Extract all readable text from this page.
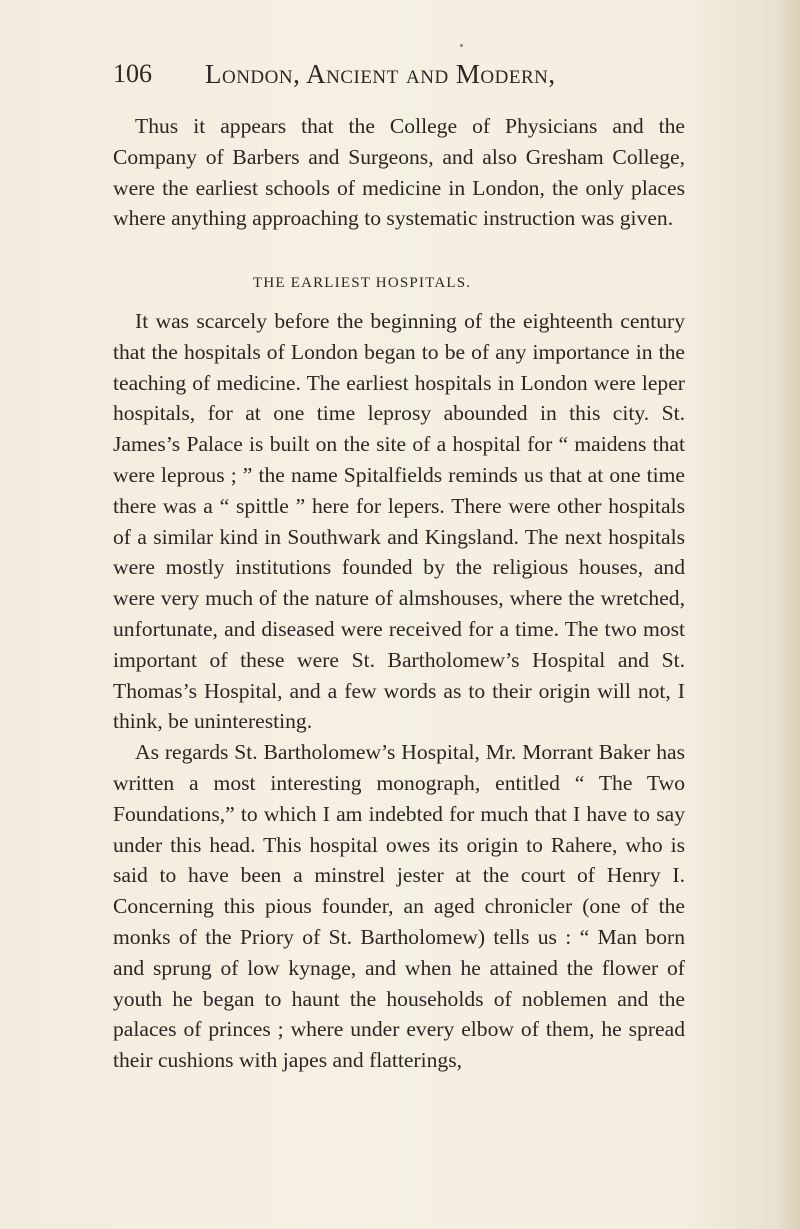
106 London, Ancient and Modern,

Thus it appears that the College of Physicians and the Company of Barbers and Surgeons, and also Gresham College, were the earliest schools of medicine in London, the only places where anything approaching to systematic instruction was given.

THE EARLIEST HOSPITALS.

It was scarcely before the beginning of the eighteenth century that the hospitals of London began to be of any importance in the teaching of medicine. The earliest hospitals in London were leper hospitals, for at one time leprosy abounded in this city. St. James’s Palace is built on the site of a hospital for “ maidens that were leprous ; ” the name Spitalfields reminds us that at one time there was a “ spittle ” here for lepers. There were other hospitals of a similar kind in Southwark and Kingsland. The next hospitals were mostly institutions founded by the religious houses, and were very much of the nature of almshouses, where the wretched, unfortunate, and diseased were received for a time. The two most important of these were St. Bartholomew’s Hospital and St. Thomas’s Hospital, and a few words as to their origin will not, I think, be uninteresting.

As regards St. Bartholomew’s Hospital, Mr. Morrant Baker has written a most interesting monograph, entitled “ The Two Foundations,” to which I am indebted for much that I have to say under this head. This hospital owes its origin to Rahere, who is said to have been a minstrel jester at the court of Henry I. Concerning this pious founder, an aged chronicler (one of the monks of the Priory of St. Bartholomew) tells us : “ Man born and sprung of low kynage, and when he attained the flower of youth he began to haunt the households of noblemen and the palaces of princes ; where under every elbow of them, he spread their cushions with japes and flatterings,
